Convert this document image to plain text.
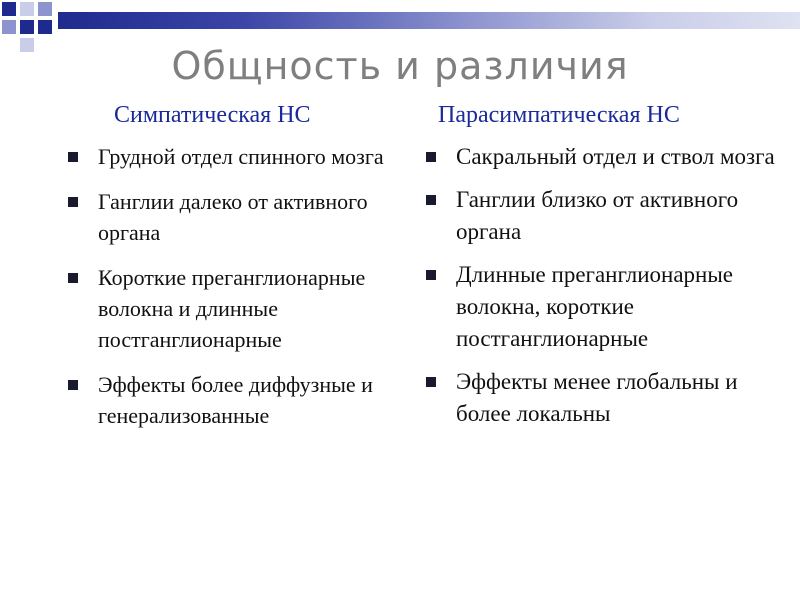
Общность и различия
Симпатическая НС
Грудной отдел спинного мозга
Ганглии далеко от активного органа
Короткие преганглионарные волокна и длинные постганглионарные
Эффекты более диффузные и генерализованные
Парасимпатическая НС
Сакральный отдел и ствол мозга
Ганглии близко от активного органа
Длинные преганглионарные волокна, короткие постганглионарные
Эффекты менее глобальны и более локальны
